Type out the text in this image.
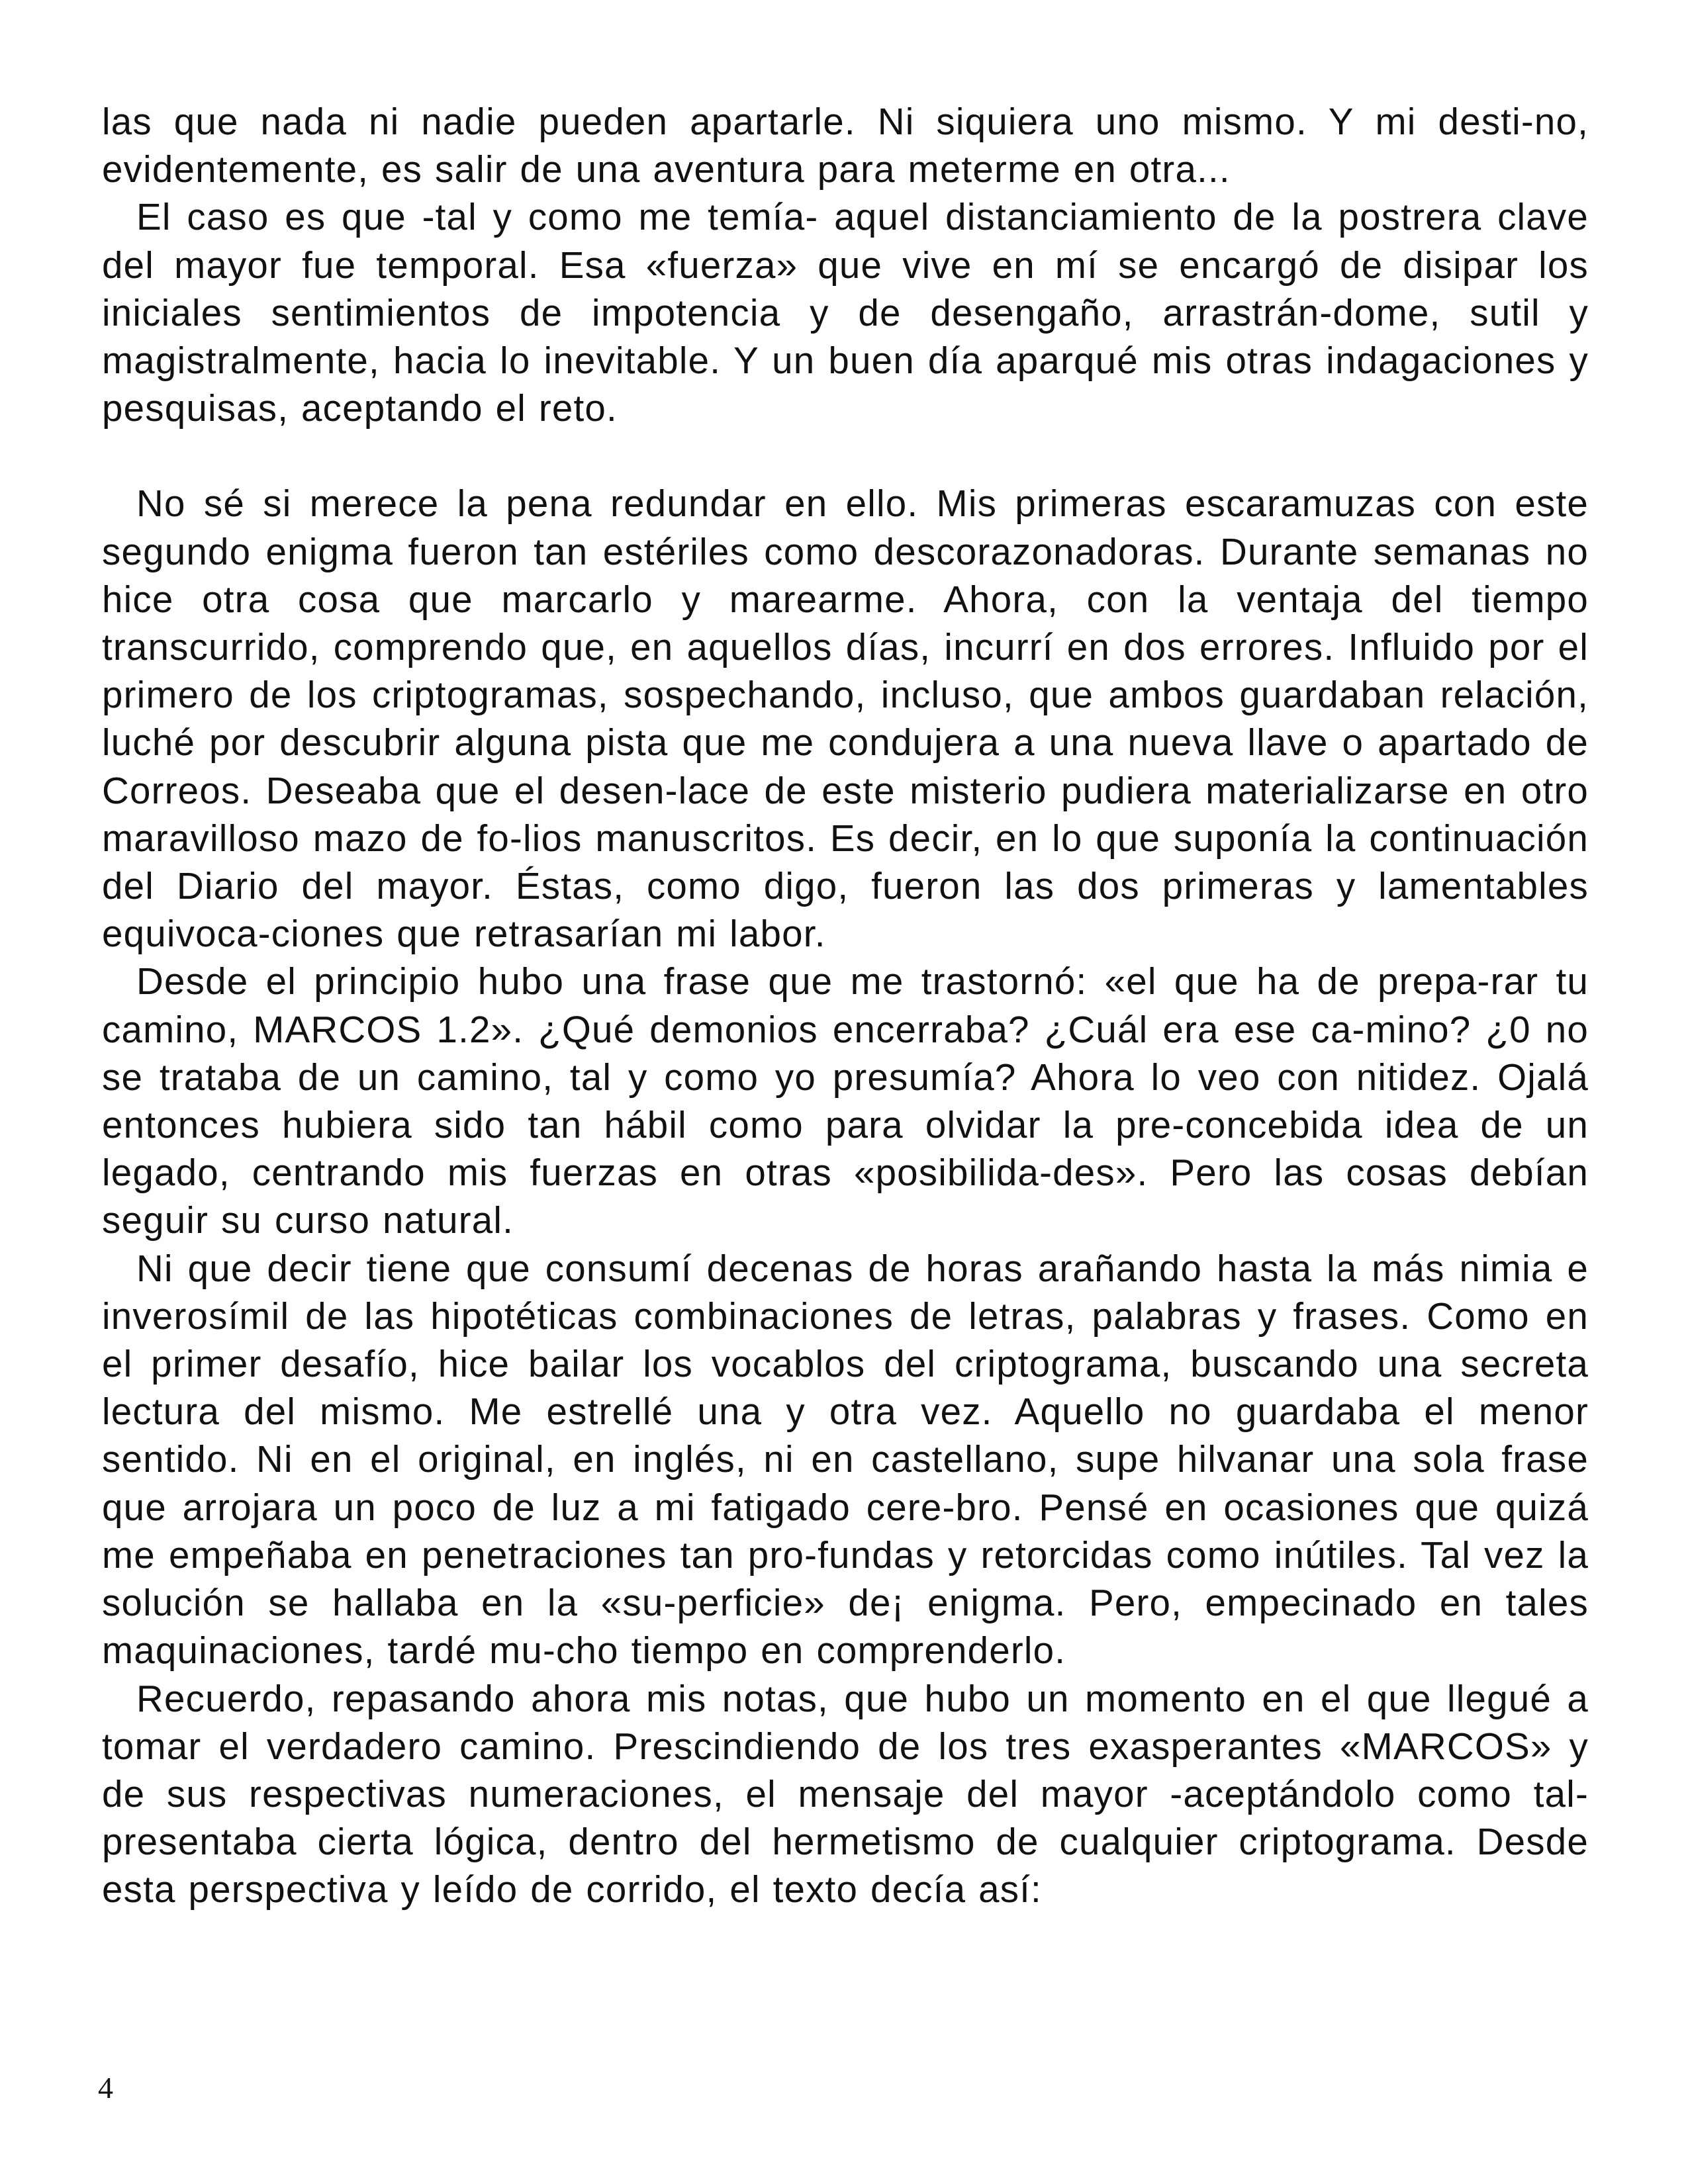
las que nada ni nadie pueden apartarle. Ni siquiera uno mismo. Y mi desti-no, evidentemente, es salir de una aventura para meterme en otra...

El caso es que -tal y como me temía- aquel distanciamiento de la postrera clave del mayor fue temporal. Esa «fuerza» que vive en mí se encargó de disipar los iniciales sentimientos de impotencia y de desengaño, arrastrán-dome, sutil y magistralmente, hacia lo inevitable. Y un buen día aparqué mis otras indagaciones y pesquisas, aceptando el reto.

No sé si merece la pena redundar en ello. Mis primeras escaramuzas con este segundo enigma fueron tan estériles como descorazonadoras. Durante semanas no hice otra cosa que marcarlo y marearme. Ahora, con la ventaja del tiempo transcurrido, comprendo que, en aquellos días, incurrí en dos errores. Influido por el primero de los criptogramas, sospechando, incluso, que ambos guardaban relación, luché por descubrir alguna pista que me condujera a una nueva llave o apartado de Correos. Deseaba que el desen-lace de este misterio pudiera materializarse en otro maravilloso mazo de fo-lios manuscritos. Es decir, en lo que suponía la continuación del Diario del mayor. Éstas, como digo, fueron las dos primeras y lamentables equivoca-ciones que retrasarían mi labor.

Desde el principio hubo una frase que me trastornó: «el que ha de prepa-rar tu camino, MARCOS 1.2». ¿Qué demonios encerraba? ¿Cuál era ese ca-mino? ¿0 no se trataba de un camino, tal y como yo presumía? Ahora lo veo con nitidez. Ojalá entonces hubiera sido tan hábil como para olvidar la pre-concebida idea de un legado, centrando mis fuerzas en otras «posibilida-des». Pero las cosas debían seguir su curso natural.

Ni que decir tiene que consumí decenas de horas arañando hasta la más nimia e inverosímil de las hipotéticas combinaciones de letras, palabras y frases. Como en el primer desafío, hice bailar los vocablos del criptograma, buscando una secreta lectura del mismo. Me estrellé una y otra vez. Aquello no guardaba el menor sentido. Ni en el original, en inglés, ni en castellano, supe hilvanar una sola frase que arrojara un poco de luz a mi fatigado cere-bro. Pensé en ocasiones que quizá me empeñaba en penetraciones tan pro-fundas y retorcidas como inútiles. Tal vez la solución se hallaba en la «su-perficie» de¡ enigma. Pero, empecinado en tales maquinaciones, tardé mu-cho tiempo en comprenderlo.

Recuerdo, repasando ahora mis notas, que hubo un momento en el que llegué a tomar el verdadero camino. Prescindiendo de los tres exasperantes «MARCOS» y de sus respectivas numeraciones, el mensaje del mayor -aceptándolo como tal- presentaba cierta lógica, dentro del hermetismo de cualquier criptograma. Desde esta perspectiva y leído de corrido, el texto decía así:

4
